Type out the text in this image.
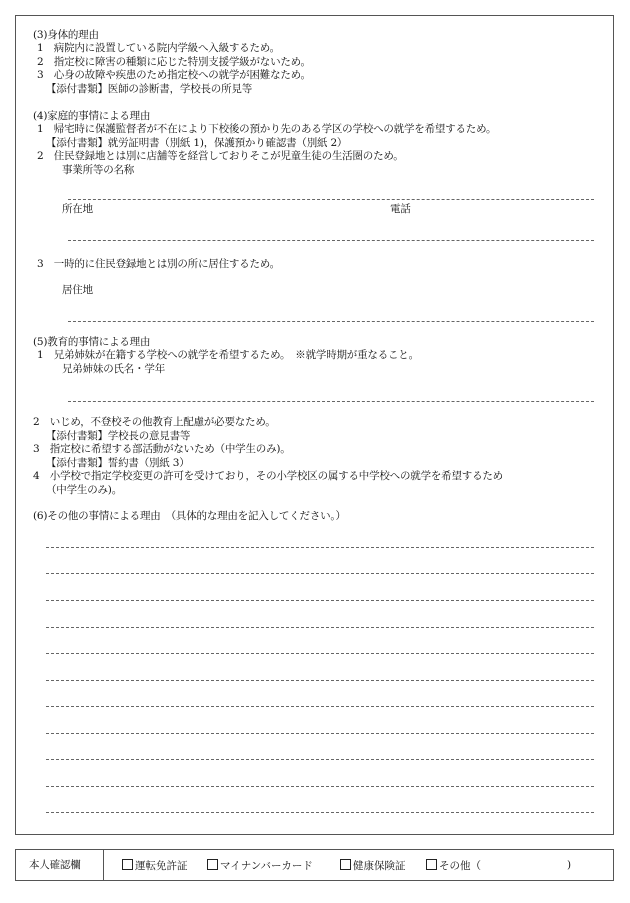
(3)身体的理由
1　病院内に設置している院内学級へ入級するため。
2　指定校に障害の種類に応じた特別支援学級がないため。
3　心身の故障や疾患のため指定校への就学が困難なため。
【添付書類】医師の診断書，学校長の所見等
(4)家庭的事情による理由
1　帰宅時に保護監督者が不在により下校後の預かり先のある学区の学校への就学を希望するため。
【添付書類】就労証明書（別紙 1)，保護預かり確認書（別紙 2）
2　住民登録地とは別に店舗等を経営しておりそこが児童生徒の生活圏のため。
事業所等の名称
所在地	電話
3　一時的に住民登録地とは別の所に居住するため。
居住地
(5)教育的事情による理由
1　兄弟姉妹が在籍する学校への就学を希望するため。　※就学時期が重なること。
兄弟姉妹の氏名・学年
2　いじめ，不登校その他教育上配慮が必要なため。
【添付書類】学校長の意見書等
3　指定校に希望する部活動がないため（中学生のみ)。
【添付書類】誓約書（別紙 3）
4　小学校で指定学校変更の許可を受けており，その小学校区の属する中学校への就学を希望するため
（中学生のみ)。
(6)その他の事情による理由　（具体的な理由を記入してください。）
本人確認欄	運転免許証	マイナンバーカード	健康保険証	その他（	)
